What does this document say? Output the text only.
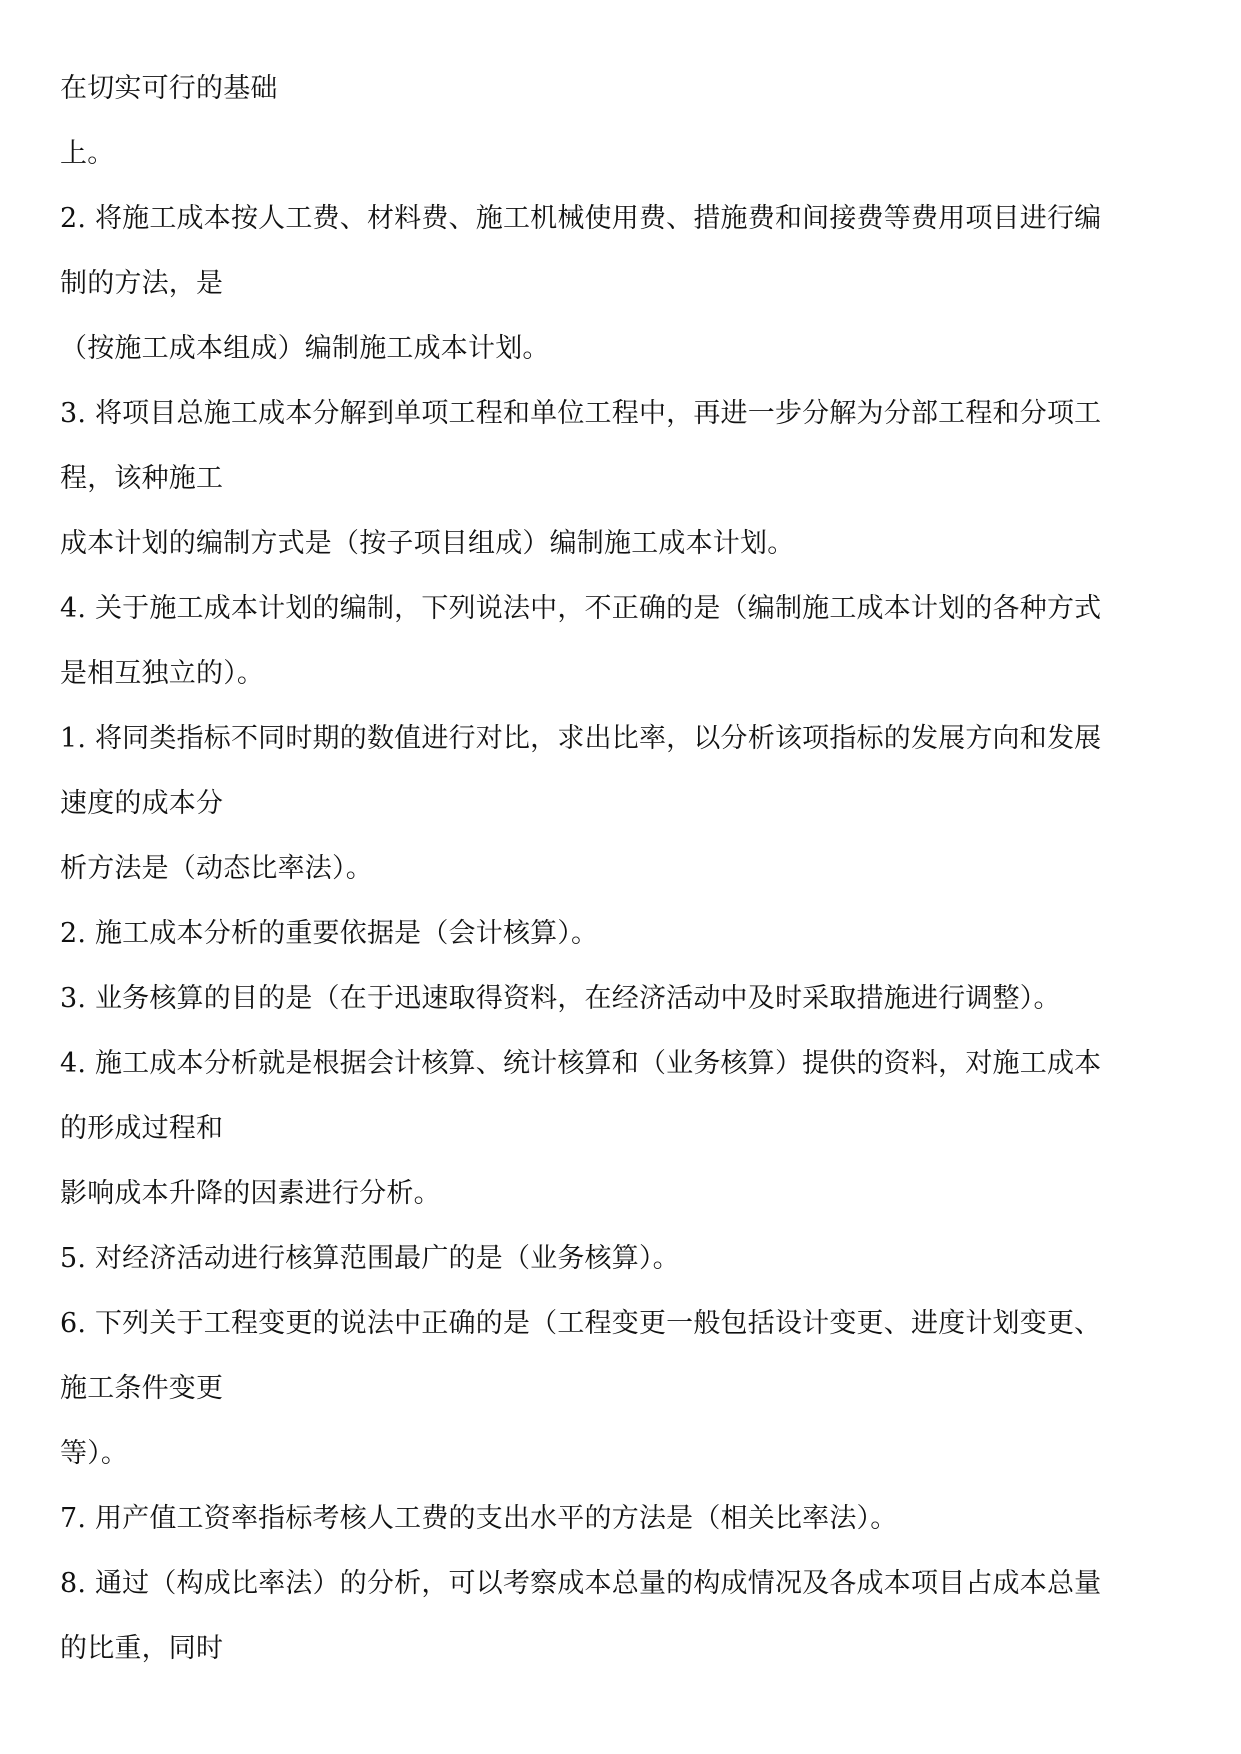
在切实可行的基础
上。
2. 将施工成本按人工费、材料费、施工机械使用费、措施费和间接费等费用项目进行编
制的方法，是
（按施工成本组成）编制施工成本计划。
3. 将项目总施工成本分解到单项工程和单位工程中，再进一步分解为分部工程和分项工
程，该种施工
成本计划的编制方式是（按子项目组成）编制施工成本计划。
4. 关于施工成本计划的编制，下列说法中，不正确的是（编制施工成本计划的各种方式
是相互独立的）。
1. 将同类指标不同时期的数值进行对比，求出比率，以分析该项指标的发展方向和发展
速度的成本分
析方法是（动态比率法）。
2. 施工成本分析的重要依据是（会计核算）。
3. 业务核算的目的是（在于迅速取得资料，在经济活动中及时采取措施进行调整）。
4. 施工成本分析就是根据会计核算、统计核算和（业务核算）提供的资料，对施工成本
的形成过程和
影响成本升降的因素进行分析。
5. 对经济活动进行核算范围最广的是（业务核算）。
6. 下列关于工程变更的说法中正确的是（工程变更一般包括设计变更、进度计划变更、
施工条件变更
等）。
7. 用产值工资率指标考核人工费的支出水平的方法是（相关比率法）。
8. 通过（构成比率法）的分析，可以考察成本总量的构成情况及各成本项目占成本总量
的比重，同时
